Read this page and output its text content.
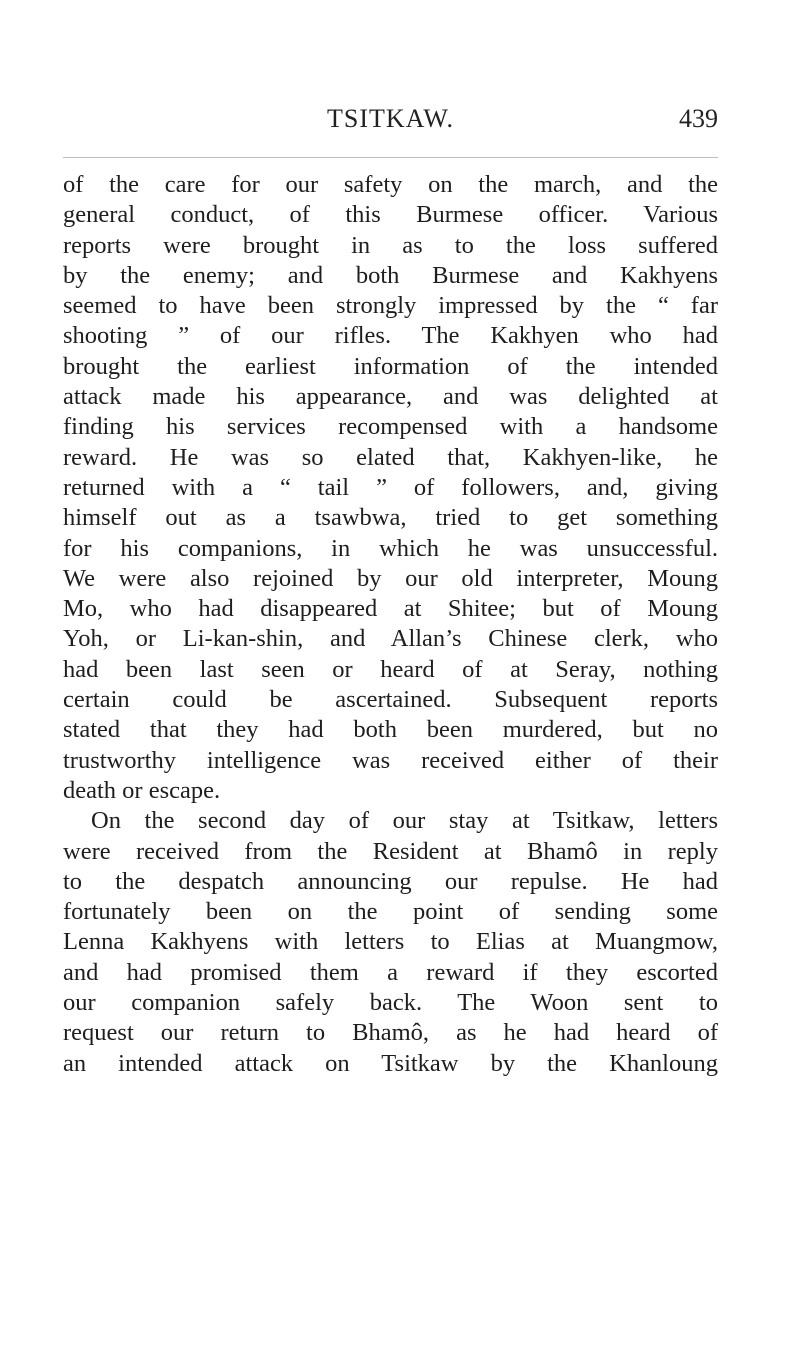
TSITKAW.	439
of the care for our safety on the march, and the
general conduct, of this Burmese officer. Various
reports were brought in as to the loss suffered
by the enemy; and both Burmese and Kakhyens
seemed to have been strongly impressed by the “ far
shooting ” of our rifles. The Kakhyen who had
brought the earliest information of the intended
attack made his appearance, and was delighted at
finding his services recompensed with a handsome
reward. He was so elated that, Kakhyen-like, he
returned with a “ tail ” of followers, and, giving
himself out as a tsawbwa, tried to get something
for his companions, in which he was unsuccessful.
We were also rejoined by our old interpreter, Moung
Mo, who had disappeared at Shitee; but of Moung
Yoh, or Li-kan-shin, and Allan’s Chinese clerk, who
had been last seen or heard of at Seray, nothing
certain could be ascertained. Subsequent reports
stated that they had both been murdered, but no
trustworthy intelligence was received either of their
death or escape.
On the second day of our stay at Tsitkaw, letters
were received from the Resident at Bhamô in reply
to the despatch announcing our repulse. He had
fortunately been on the point of sending some
Lenna Kakhyens with letters to Elias at Muangmow,
and had promised them a reward if they escorted
our companion safely back. The Woon sent to
request our return to Bhamô, as he had heard of
an intended attack on Tsitkaw by the Khanloung
